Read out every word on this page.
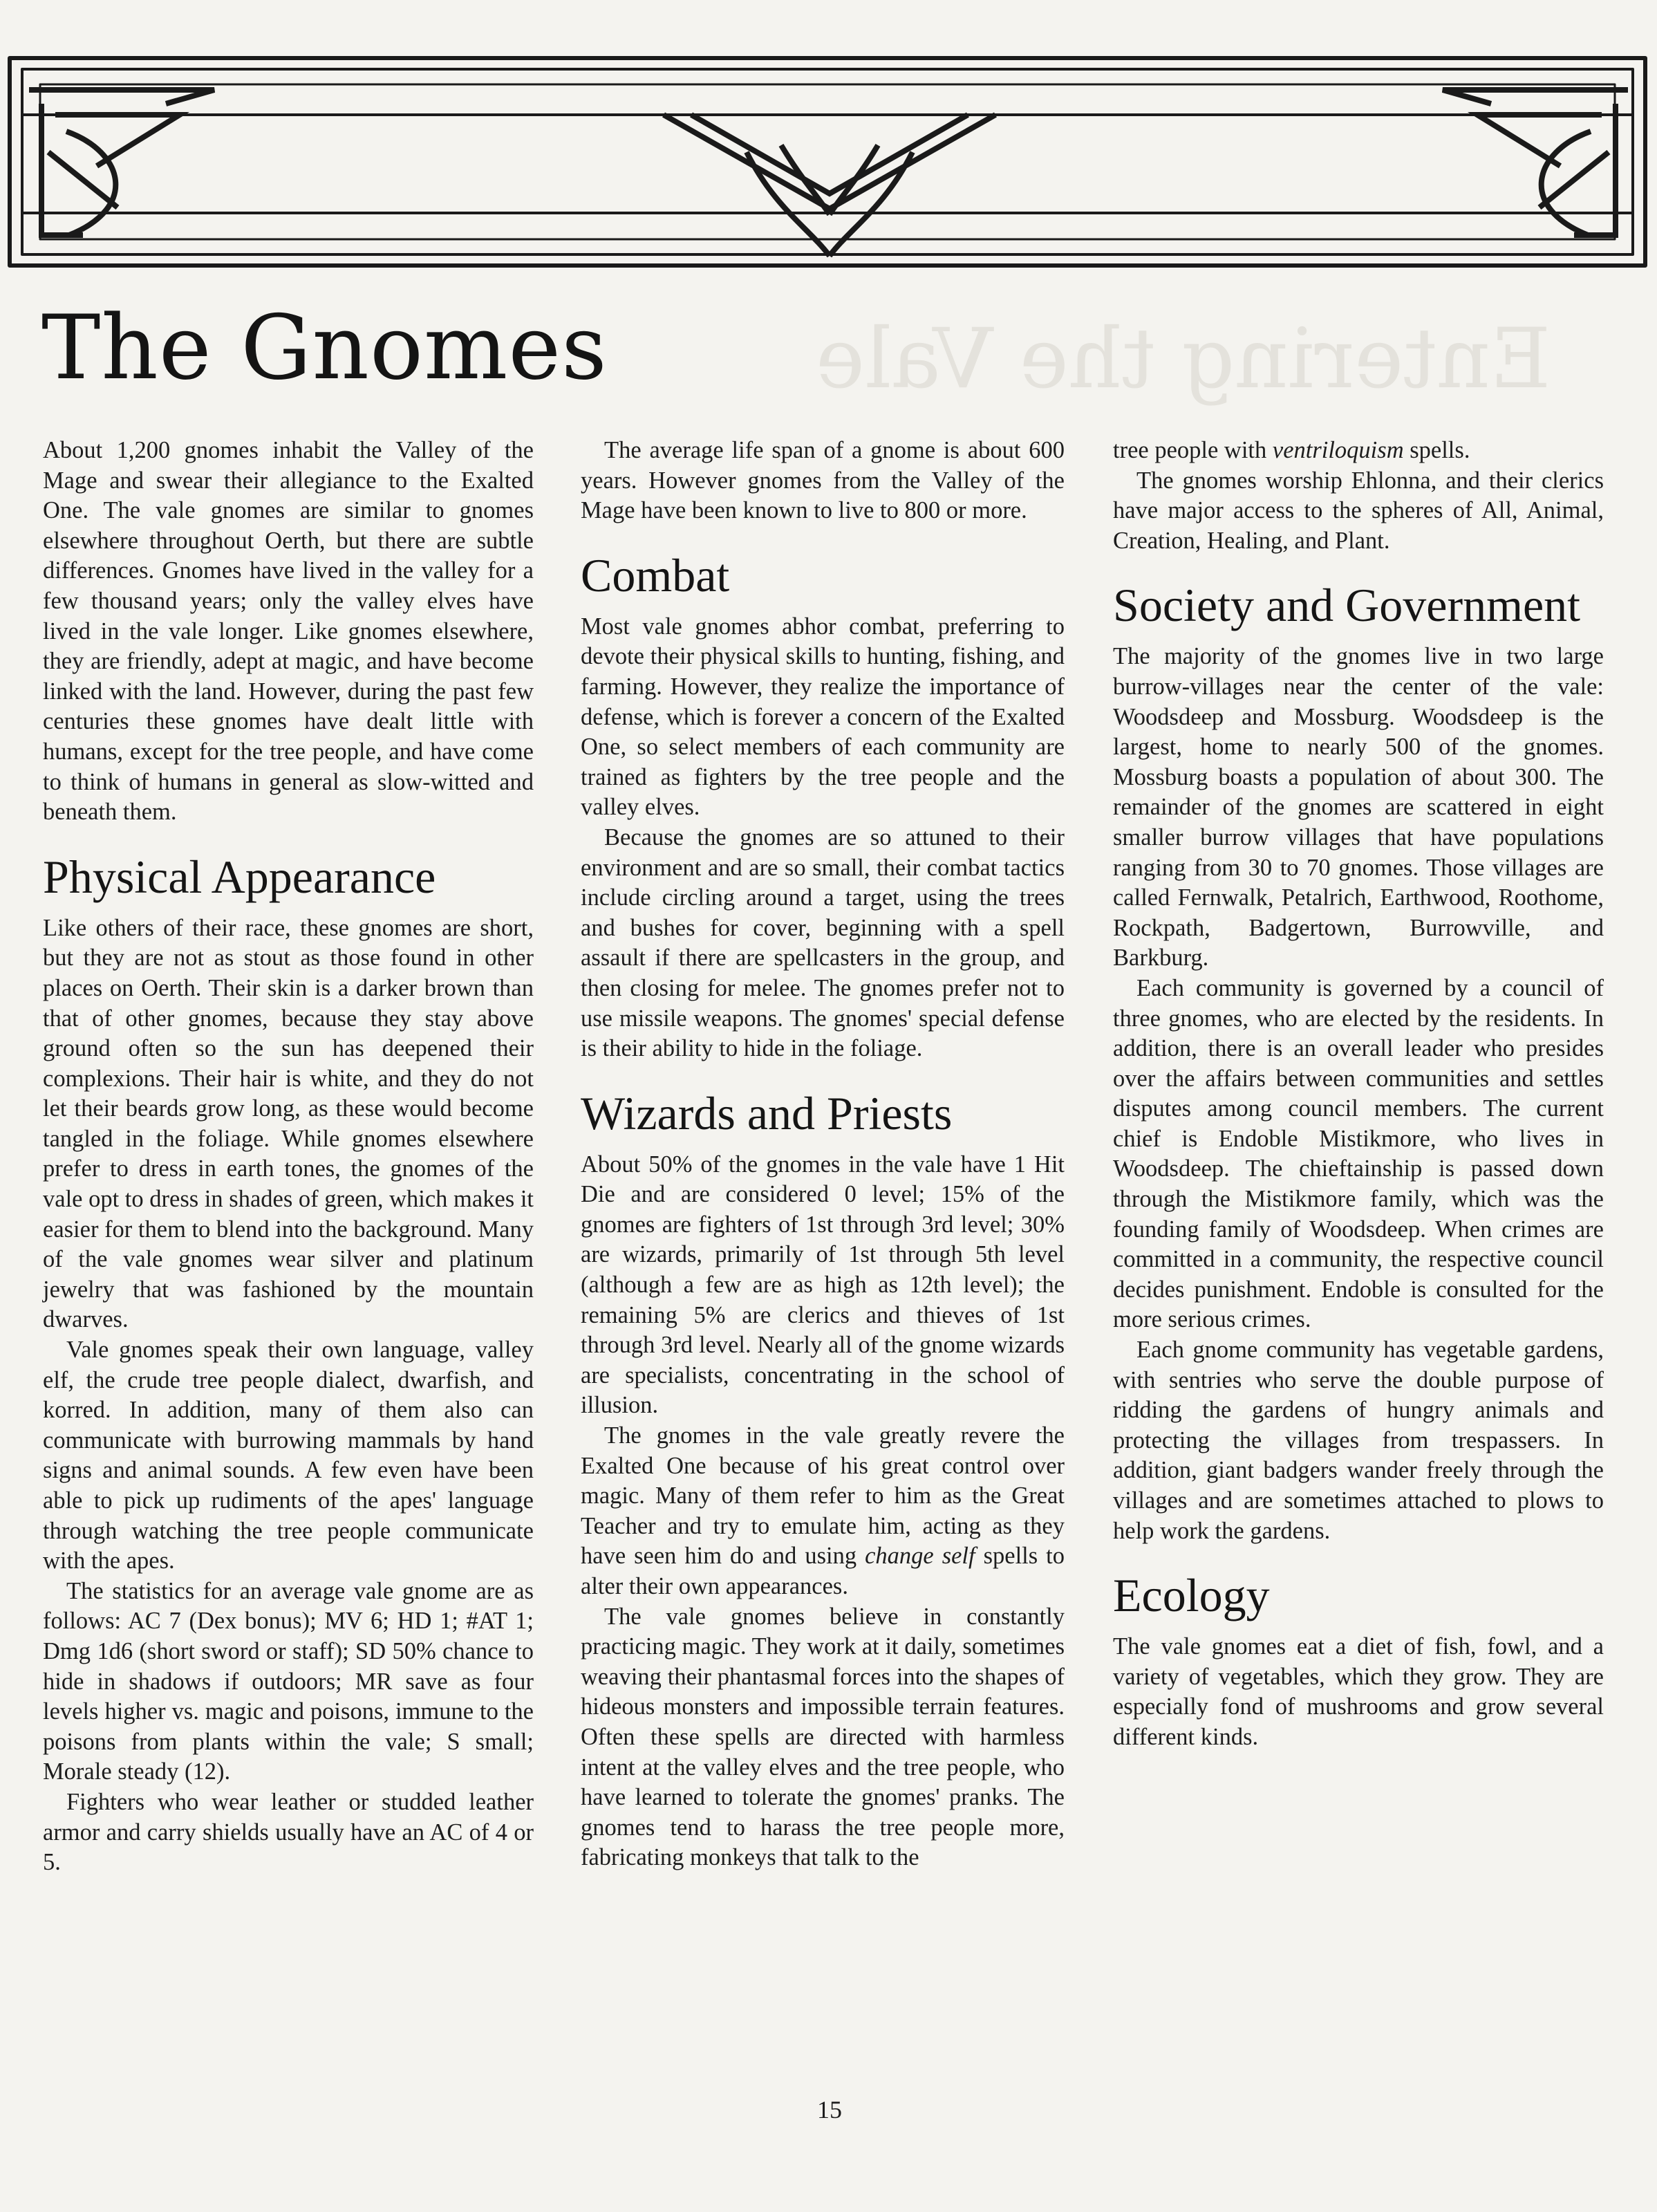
The Gnomes	Entering the Vale

About 1,200 gnomes inhabit the Valley of the Mage and swear their allegiance to the Exalted One. The vale gnomes are similar to gnomes elsewhere throughout Oerth, but there are subtle differences. Gnomes have lived in the valley for a few thousand years; only the valley elves have lived in the vale longer. Like gnomes elsewhere, they are friendly, adept at magic, and have become linked with the land. However, during the past few centuries these gnomes have dealt little with humans, except for the tree people, and have come to think of humans in general as slow-witted and beneath them.

Physical Appearance

Like others of their race, these gnomes are short, but they are not as stout as those found in other places on Oerth. Their skin is a darker brown than that of other gnomes, because they stay above ground often so the sun has deepened their complexions. Their hair is white, and they do not let their beards grow long, as these would become tangled in the foliage. While gnomes elsewhere prefer to dress in earth tones, the gnomes of the vale opt to dress in shades of green, which makes it easier for them to blend into the background. Many of the vale gnomes wear silver and platinum jewelry that was fashioned by the mountain dwarves.

Vale gnomes speak their own language, valley elf, the crude tree people dialect, dwarfish, and korred. In addition, many of them also can communicate with burrowing mammals by hand signs and animal sounds. A few even have been able to pick up rudiments of the apes' language through watching the tree people communicate with the apes.

The statistics for an average vale gnome are as follows: AC 7 (Dex bonus); MV 6; HD 1; #AT 1; Dmg 1d6 (short sword or staff); SD 50% chance to hide in shadows if outdoors; MR save as four levels higher vs. magic and poisons, immune to the poisons from plants within the vale; S small; Morale steady (12).

Fighters who wear leather or studded leather armor and carry shields usually have an AC of 4 or 5.

The average life span of a gnome is about 600 years. However gnomes from the Valley of the Mage have been known to live to 800 or more.

Combat

Most vale gnomes abhor combat, preferring to devote their physical skills to hunting, fishing, and farming. However, they realize the importance of defense, which is forever a concern of the Exalted One, so select members of each community are trained as fighters by the tree people and the valley elves.

Because the gnomes are so attuned to their environment and are so small, their combat tactics include circling around a target, using the trees and bushes for cover, beginning with a spell assault if there are spellcasters in the group, and then closing for melee. The gnomes prefer not to use missile weapons. The gnomes' special defense is their ability to hide in the foliage.

Wizards and Priests

About 50% of the gnomes in the vale have 1 Hit Die and are considered 0 level; 15% of the gnomes are fighters of 1st through 3rd level; 30% are wizards, primarily of 1st through 5th level (although a few are as high as 12th level); the remaining 5% are clerics and thieves of 1st through 3rd level. Nearly all of the gnome wizards are specialists, concentrating in the school of illusion.

The gnomes in the vale greatly revere the Exalted One because of his great control over magic. Many of them refer to him as the Great Teacher and try to emulate him, acting as they have seen him do and using change self spells to alter their own appearances.

The vale gnomes believe in constantly practicing magic. They work at it daily, sometimes weaving their phantasmal forces into the shapes of hideous monsters and impossible terrain features. Often these spells are directed with harmless intent at the valley elves and the tree people, who have learned to tolerate the gnomes' pranks. The gnomes tend to harass the tree people more, fabricating monkeys that talk to the

tree people with ventriloquism spells.

The gnomes worship Ehlonna, and their clerics have major access to the spheres of All, Animal, Creation, Healing, and Plant.

Society and Government

The majority of the gnomes live in two large burrow-villages near the center of the vale: Woodsdeep and Mossburg. Woodsdeep is the largest, home to nearly 500 of the gnomes. Mossburg boasts a population of about 300. The remainder of the gnomes are scattered in eight smaller burrow villages that have populations ranging from 30 to 70 gnomes. Those villages are called Fernwalk, Petalrich, Earthwood, Roothome, Rockpath, Badgertown, Burrowville, and Barkburg.

Each community is governed by a council of three gnomes, who are elected by the residents. In addition, there is an overall leader who presides over the affairs between communities and settles disputes among council members. The current chief is Endoble Mistikmore, who lives in Woodsdeep. The chieftainship is passed down through the Mistikmore family, which was the founding family of Woodsdeep. When crimes are committed in a community, the respective council decides punishment. Endoble is consulted for the more serious crimes.

Each gnome community has vegetable gardens, with sentries who serve the double purpose of ridding the gardens of hungry animals and protecting the villages from trespassers. In addition, giant badgers wander freely through the villages and are sometimes attached to plows to help work the gardens.

Ecology

The vale gnomes eat a diet of fish, fowl, and a variety of vegetables, which they grow. They are especially fond of mushrooms and grow several different kinds.

15
